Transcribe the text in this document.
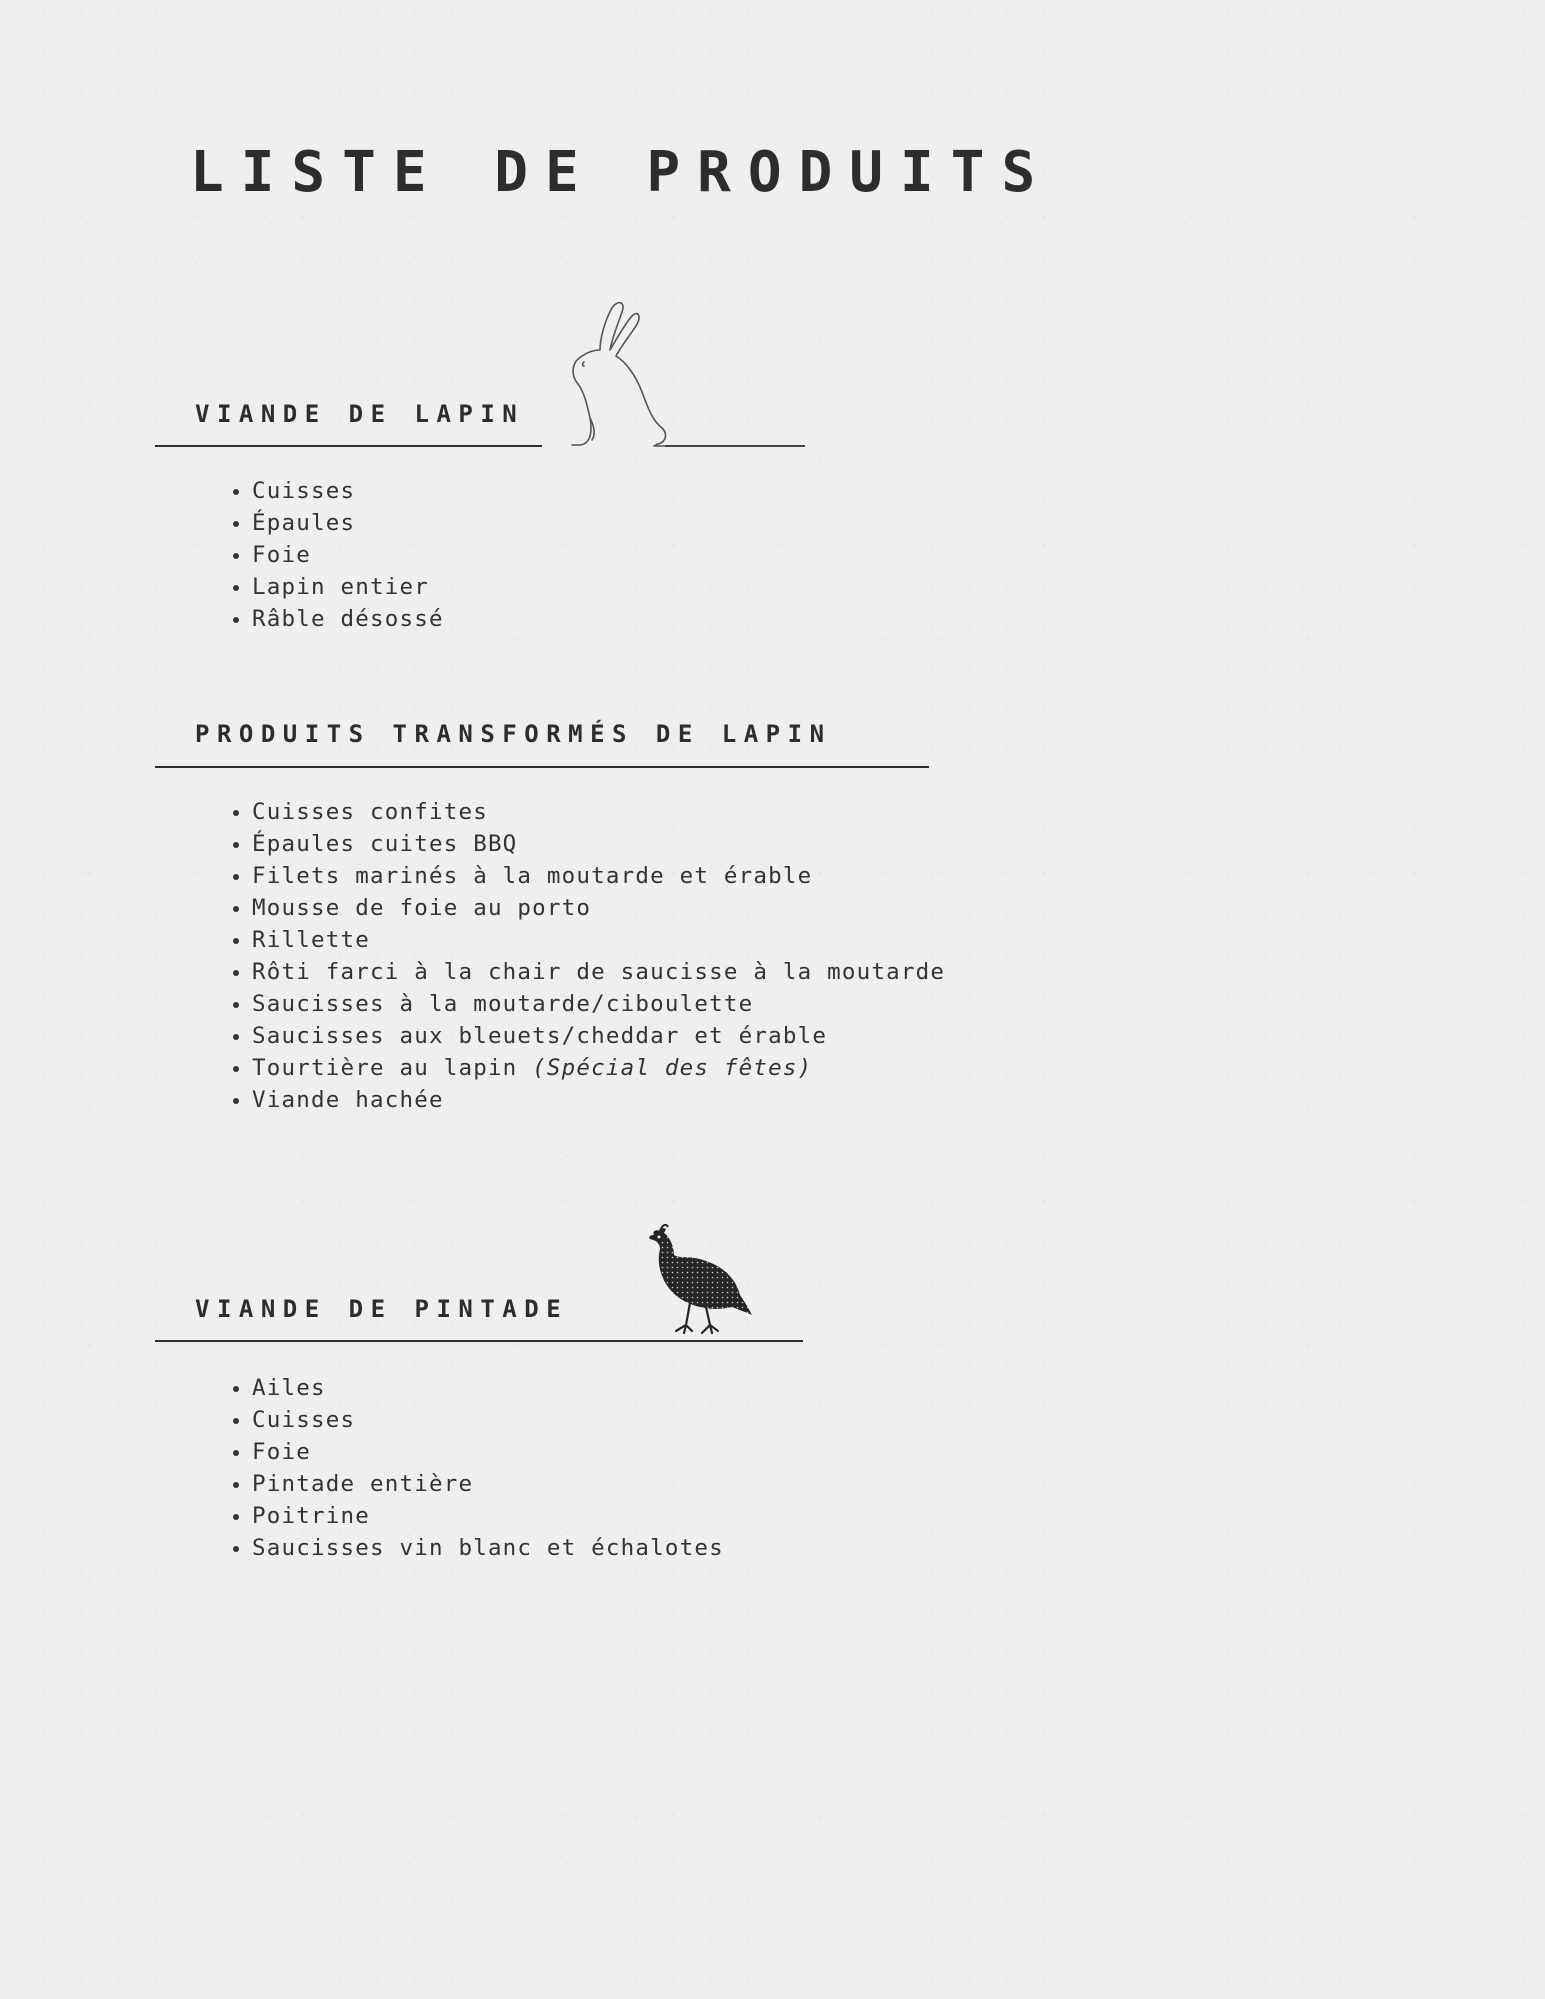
LISTE DE PRODUITS
VIANDE DE LAPIN
• Cuisses
• Épaules
• Foie
• Lapin entier
• Râble désossé
PRODUITS TRANSFORMÉS DE LAPIN
• Cuisses confites
• Épaules cuites BBQ
• Filets marinés à la moutarde et érable
• Mousse de foie au porto
• Rillette
• Rôti farci à la chair de saucisse à la moutarde
• Saucisses à la moutarde/ciboulette
• Saucisses aux bleuets/cheddar et érable
• Tourtière au lapin (Spécial des fêtes)
• Viande hachée
VIANDE DE PINTADE
• Ailes
• Cuisses
• Foie
• Pintade entière
• Poitrine
• Saucisses vin blanc et échalotes
